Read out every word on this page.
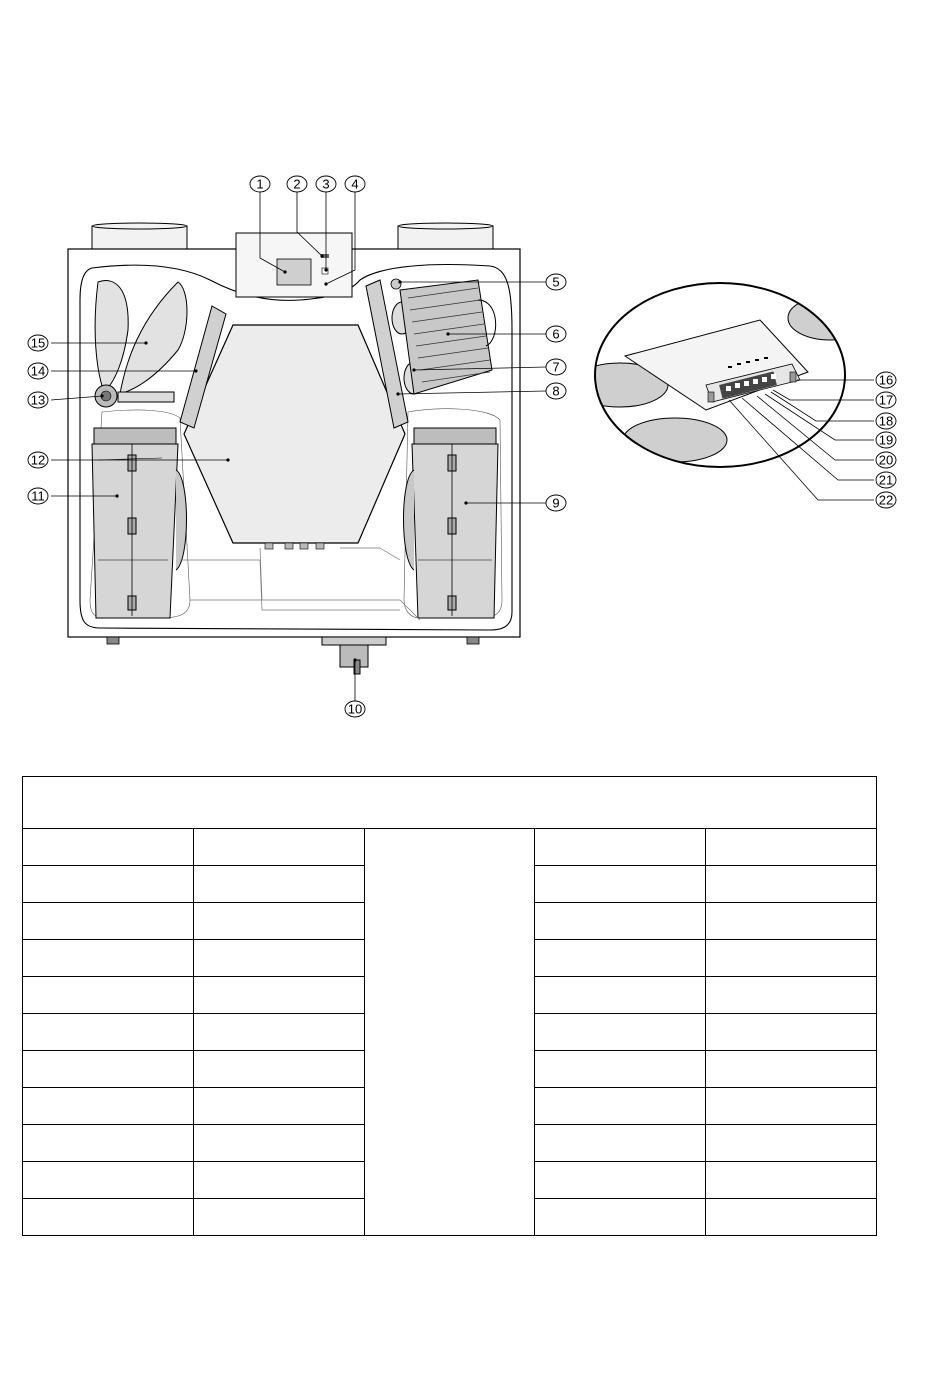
1 2 3 4
5
6
7
8
9
10
11
12
13
14
15
16
17
18
19
20
21
22
